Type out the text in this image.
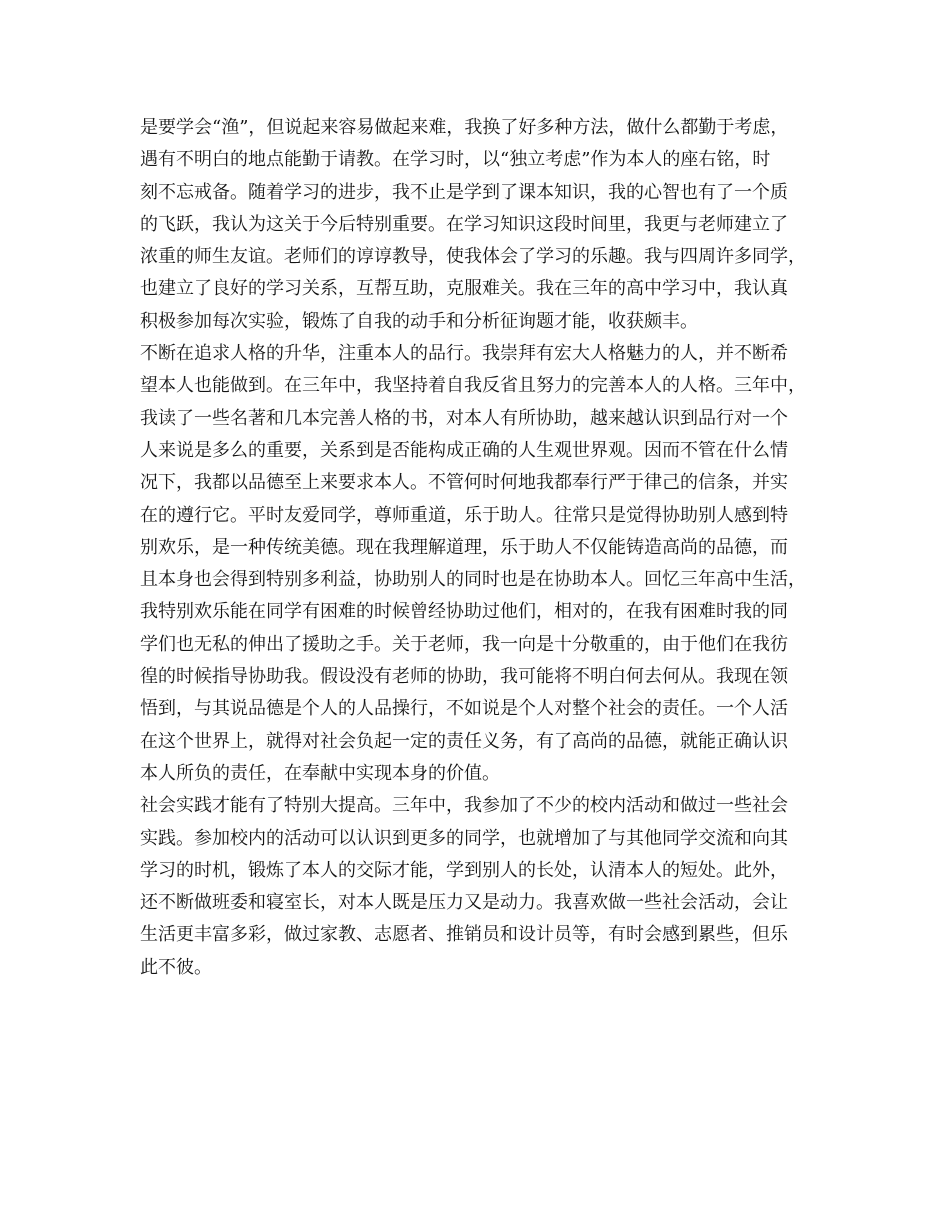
是要学会“渔”，但说起来容易做起来难，我换了好多种方法，做什么都勤于考虑，
遇有不明白的地点能勤于请教。在学习时，以“独立考虑”作为本人的座右铭，时
刻不忘戒备。随着学习的进步，我不止是学到了课本知识，我的心智也有了一个质
的飞跃，我认为这关于今后特别重要。在学习知识这段时间里，我更与老师建立了
浓重的师生友谊。老师们的谆谆教导，使我体会了学习的乐趣。我与四周许多同学，
也建立了良好的学习关系，互帮互助，克服难关。我在三年的高中学习中，我认真
积极参加每次实验，锻炼了自我的动手和分析征询题才能，收获颇丰。
不断在追求人格的升华，注重本人的品行。我崇拜有宏大人格魅力的人，并不断希
望本人也能做到。在三年中，我坚持着自我反省且努力的完善本人的人格。三年中，
我读了一些名著和几本完善人格的书，对本人有所协助，越来越认识到品行对一个
人来说是多么的重要，关系到是否能构成正确的人生观世界观。因而不管在什么情
况下，我都以品德至上来要求本人。不管何时何地我都奉行严于律己的信条，并实
在的遵行它。平时友爱同学，尊师重道，乐于助人。往常只是觉得协助别人感到特
别欢乐，是一种传统美德。现在我理解道理，乐于助人不仅能铸造高尚的品德，而
且本身也会得到特别多利益，协助别人的同时也是在协助本人。回忆三年高中生活，
我特别欢乐能在同学有困难的时候曾经协助过他们，相对的，在我有困难时我的同
学们也无私的伸出了援助之手。关于老师，我一向是十分敬重的，由于他们在我彷
徨的时候指导协助我。假设没有老师的协助，我可能将不明白何去何从。我现在领
悟到，与其说品德是个人的人品操行，不如说是个人对整个社会的责任。一个人活
在这个世界上，就得对社会负起一定的责任义务，有了高尚的品德，就能正确认识
本人所负的责任，在奉献中实现本身的价值。
社会实践才能有了特别大提高。三年中，我参加了不少的校内活动和做过一些社会
实践。参加校内的活动可以认识到更多的同学，也就增加了与其他同学交流和向其
学习的时机，锻炼了本人的交际才能，学到别人的长处，认清本人的短处。此外，
还不断做班委和寝室长，对本人既是压力又是动力。我喜欢做一些社会活动，会让
生活更丰富多彩，做过家教、志愿者、推销员和设计员等，有时会感到累些，但乐
此不彼。
